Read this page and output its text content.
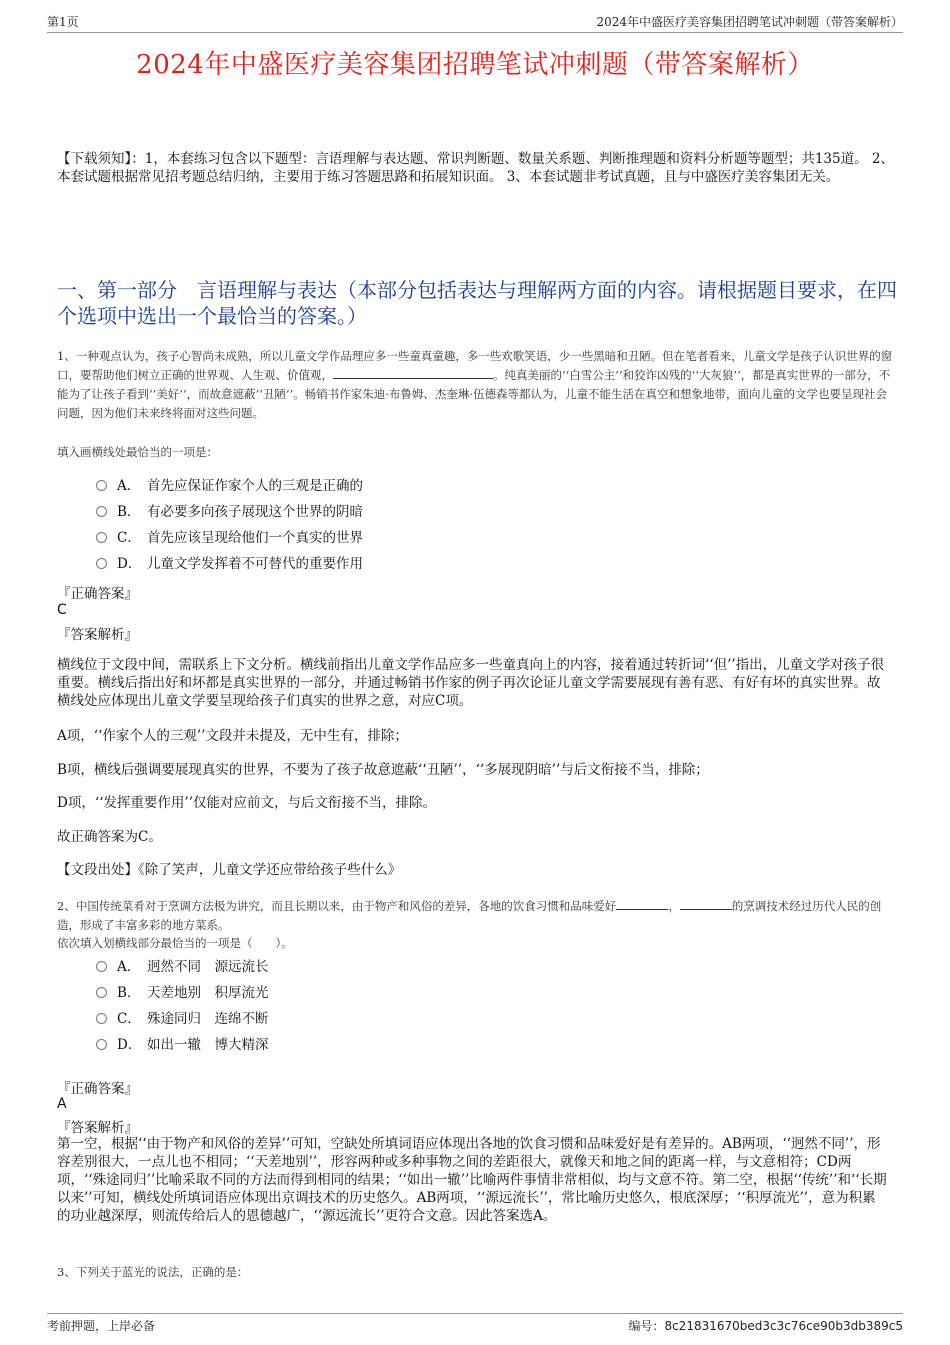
第1页	2024年中盛医疗美容集团招聘笔试冲刺题（带答案解析）
2024年中盛医疗美容集团招聘笔试冲刺题（带答案解析）
【下载须知】：1，本套练习包含以下题型：言语理解与表达题、常识判断题、数量关系题、判断推理题和资料分析题等题型；共135道。 2、本套试题根据常见招考题总结归纳，主要用于练习答题思路和拓展知识面。 3、本套试题非考试真题，且与中盛医疗美容集团无关。
一、第一部分　言语理解与表达（本部分包括表达与理解两方面的内容。请根据题目要求，在四个选项中选出一个最恰当的答案。）
1、一种观点认为，孩子心智尚未成熟，所以儿童文学作品理应多一些童真童趣，多一些欢歌笑语，少一些黑暗和丑陋。但在笔者看来，儿童文学是孩子认识世界的窗口，要帮助他们树立正确的世界观、人生观、价值观，	。纯真美丽的‘‘白雪公主’’和狡诈凶残的‘‘大灰狼’’，都是真实世界的一部分，不能为了让孩子看到‘‘美好’’，而故意遮蔽‘‘丑陋’’。畅销书作家朱迪·布鲁姆、杰奎琳·伍德森等都认为，儿童不能生活在真空和想象地带，面向儿童的文学也要呈现社会问题，因为他们未来终将面对这些问题。
填入画横线处最恰当的一项是：
A． 首先应保证作家个人的三观是正确的
B． 有必要多向孩子展现这个世界的阴暗
C． 首先应该呈现给他们一个真实的世界
D． 儿童文学发挥着不可替代的重要作用
『正确答案』
C
『答案解析』
横线位于文段中间，需联系上下文分析。横线前指出儿童文学作品应多一些童真向上的内容，接着通过转折词‘‘但’’指出，儿童文学对孩子很重要。横线后指出好和坏都是真实世界的一部分，并通过畅销书作家的例子再次论证儿童文学需要展现有善有恶、有好有坏的真实世界。故横线处应体现出儿童文学要呈现给孩子们真实的世界之意，对应C项。
A项，‘‘作家个人的三观’’文段并未提及，无中生有，排除；
B项，横线后强调要展现真实的世界，不要为了孩子故意遮蔽‘‘丑陋’’，‘‘多展现阴暗’’与后文衔接不当，排除；
D项，‘‘发挥重要作用’’仅能对应前文，与后文衔接不当，排除。
故正确答案为C。
【文段出处】《除了笑声，儿童文学还应带给孩子些什么》
2、中国传统菜肴对于烹调方法极为讲究，而且长期以来，由于物产和风俗的差异，各地的饮食习惯和品味爱好	，	的烹调技术经过历代人民的创造，形成了丰富多彩的地方菜系。
依次填入划横线部分最恰当的一项是（　　）。
A． 迥然不同　源远流长
B． 天差地别　积厚流光
C． 殊途同归　连绵不断
D． 如出一辙　博大精深
『正确答案』
A
『答案解析』
第一空，根据‘‘由于物产和风俗的差异’’可知，空缺处所填词语应体现出各地的饮食习惯和品味爱好是有差异的。AB两项，‘‘迥然不同’’，形容差别很大，一点儿也不相同；‘‘天差地别’’，形容两种或多种事物之间的差距很大，就像天和地之间的距离一样，与文意相符；CD两项，‘‘殊途同归’’比喻采取不同的方法而得到相同的结果；‘‘如出一辙’’比喻两件事情非常相似，均与文意不符。第二空，根据‘‘传统’’和‘‘长期以来’’可知，横线处所填词语应体现出京调技术的历史悠久。AB两项，‘‘源远流长’’，常比喻历史悠久，根底深厚；‘‘积厚流光’’，意为积累的功业越深厚，则流传给后人的恩德越广，‘‘源远流长’’更符合文意。因此答案选A。
3、下列关于蓝光的说法，正确的是：
考前押题，上岸必备	编号：8c21831670bed3c3c76ce90b3db389c5
